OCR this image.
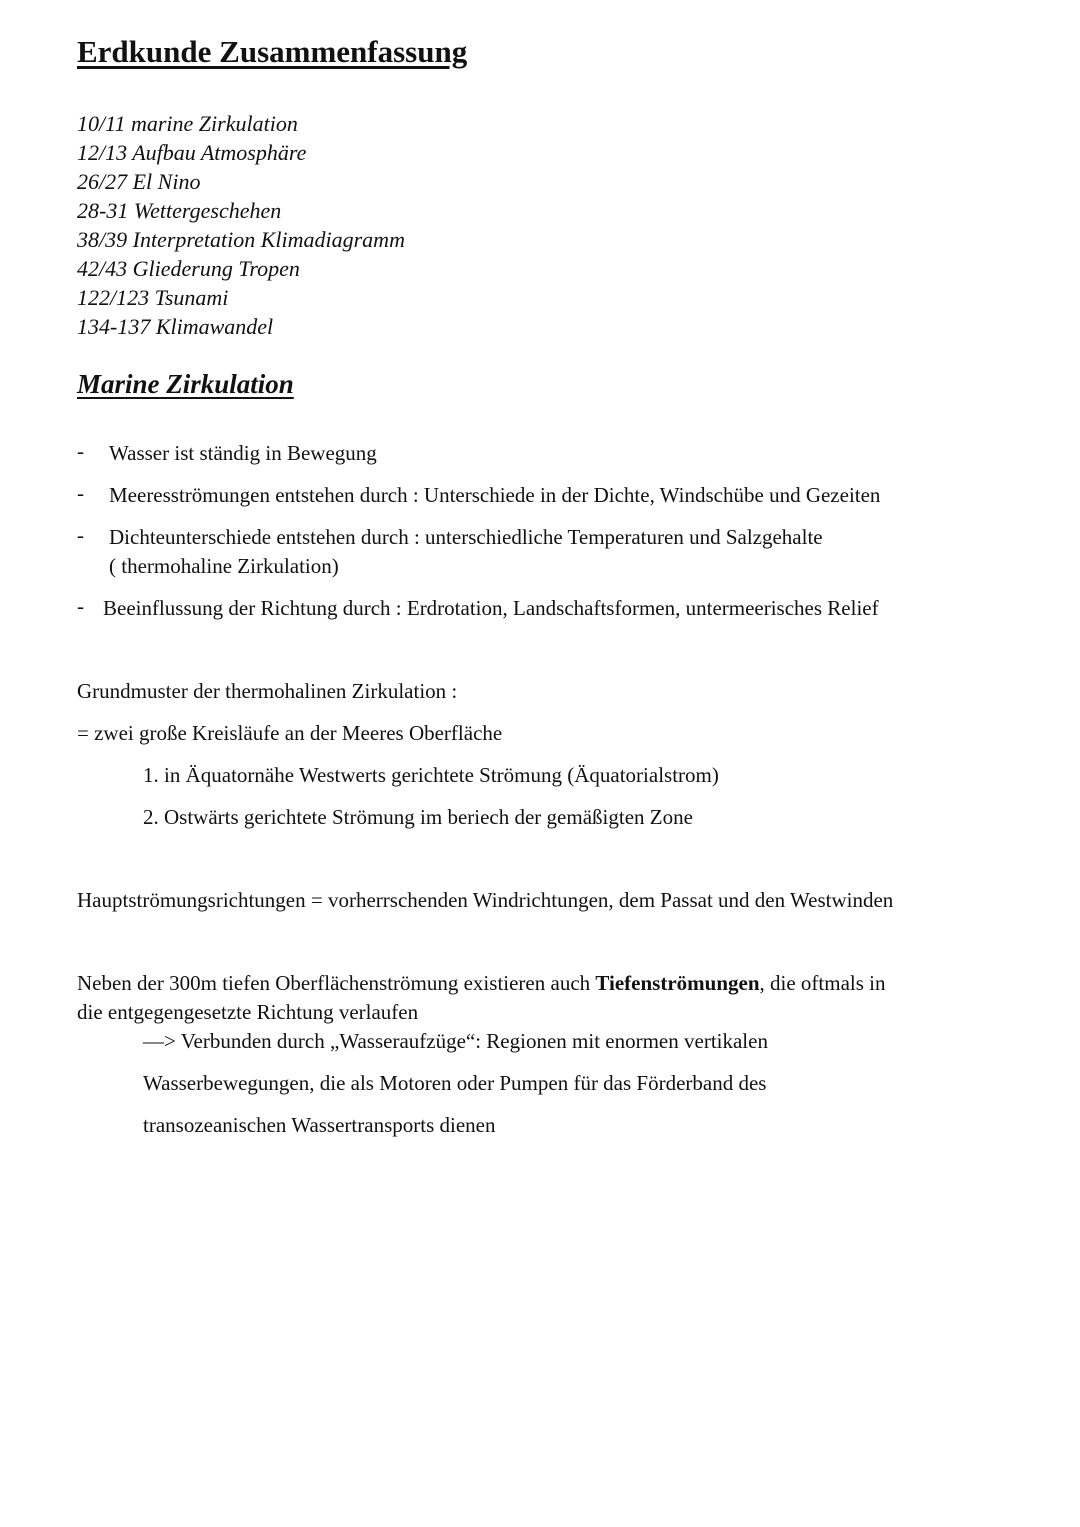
Erdkunde Zusammenfassung
10/11 marine Zirkulation
12/13 Aufbau Atmosphäre
26/27 El Nino
28-31 Wettergeschehen
38/39 Interpretation Klimadiagramm
42/43 Gliederung Tropen
122/123 Tsunami
134-137 Klimawandel
Marine Zirkulation
- Wasser ist ständig in Bewegung
- Meeresströmungen entstehen durch : Unterschiede in der Dichte, Windschübe und Gezeiten
- Dichteunterschiede entstehen durch : unterschiedliche Temperaturen und Salzgehalte
( thermohaline Zirkulation)
- Beeinflussung der Richtung durch : Erdrotation, Landschaftsformen, untermeerisches Relief
Grundmuster der thermohalinen Zirkulation :
= zwei große Kreisläufe an der Meeres Oberfläche
1. in Äquatornähe Westwerts gerichtete Strömung (Äquatorialstrom)
2. Ostwärts gerichtete Strömung im beriech der gemäßigten Zone
Hauptströmungsrichtungen = vorherrschenden Windrichtungen, dem Passat und den Westwinden
Neben der 300m tiefen Oberflächenströmung existieren auch Tiefenströmungen, die oftmals in
die entgegengesetzte Richtung verlaufen
—> Verbunden durch „Wasseraufzüge“: Regionen mit enormen vertikalen
Wasserbewegungen, die als Motoren oder Pumpen für das Förderband des
transozeanischen Wassertransports dienen
